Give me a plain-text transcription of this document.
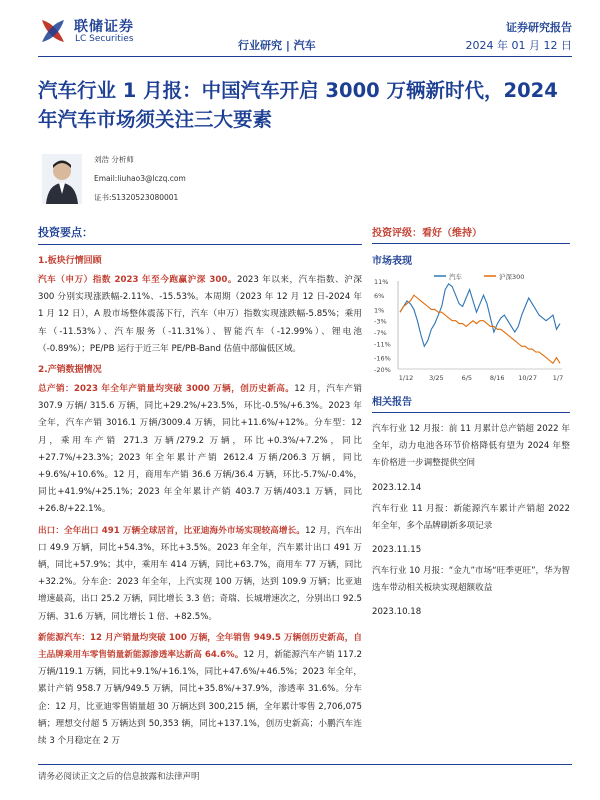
联储证券
LC Securities	行业研究 | 汽车
证券研究报告
2024 年 01 月 12 日
汽车行业 1 月报：中国汽车开启 3000 万辆新时代，2024 年汽车市场须关注三大要素
刘浩 分析师
Email:liuhao3@lczq.com
证书:S1320523080001
投资要点：
1.板块行情回顾

汽车（申万）指数 2023 年至今跑赢沪深 300。2023 年以来，汽车指数、沪深 300 分别实现涨跌幅-2.11%、-15.53%。本周期（2023 年 12 月 12 日-2024 年 1 月 12 日），A 股市场整体震荡下行，汽车（申万）指数实现涨跌幅-5.85%；乘用车（-11.53%）、汽车服务（-11.31%）、智能汽车（-12.99%）、锂电池（-0.89%）；PE/PB 运行于近三年 PE/PB-Band 估值中部偏低区域。

2.产销数据情况

总产销：2023 年全年产销量均突破 3000 万辆，创历史新高。12 月，汽车产销 307.9 万辆/ 315.6 万辆，同比+29.2%/+23.5%，环比-0.5%/+6.3%。2023 年全年，汽车产销 3016.1 万辆/3009.4 万辆，同比+11.6%/+12%。分车型：12 月，乘用车产销 271.3 万辆/279.2 万辆，环比+0.3%/+7.2%，同比+27.7%/+23.3%；2023 年全年累计产销 2612.4 万辆/206.3 万辆，同比+9.6%/+10.6%。12 月，商用车产销 36.6 万辆/36.4 万辆，环比-5.7%/-0.4%，同比+41.9%/+25.1%；2023 年全年累计产销 403.7 万辆/403.1 万辆，同比+26.8/+22.1%。

出口：全年出口 491 万辆全球居首，比亚迪海外市场实现较高增长。12 月，汽车出口 49.9 万辆，同比+54.3%，环比+3.5%。2023 年全年，汽车累计出口 491 万辆，同比+57.9%；其中，乘用车 414 万辆，同比+63.7%，商用车 77 万辆，同比+32.2%。分车企：2023 年全年，上汽实现 100 万辆，达到 109.9 万辆；比亚迪增速最高，出口 25.2 万辆，同比增长 3.3 倍；奇瑞、长城增速次之，分别出口 92.5 万辆、31.6 万辆，同比增长 1 倍、+82.5%。

新能源汽车：12 月产销量均突破 100 万辆，全年销售 949.5 万辆创历史新高，自主品牌乘用车零售销量新能源渗透率达新高 64.6%。12 月，新能源汽车产销 117.2 万辆/119.1 万辆，同比+9.1%/+16.1%，同比+47.6%/+46.5%；2023 年全年，累计产销 958.7 万辆/949.5 万辆，同比+35.8%/+37.9%，渗透率 31.6%。分车企：12 月，比亚迪零售销量超 30 万辆达到 300,215 辆，全年累计零售 2,706,075 辆；理想交付超 5 万辆达到 50,353 辆，同比+137.1%，创历史新高；小鹏汽车连续 3 个月稳定在 2 万

投资评级：看好（维持）
市场表现
11%
6%
1%
-3%
-7%
-11%
-16%
-20%
1/12 3/25	6/5	8/16 10/27 1/7
汽车	沪深300
相关报告
汽车行业 12 月报：前 11 月累计总产销超 2022 年全年，动力电池各环节价格降低有望为 2024 年整车价格进一步调整提供空间
2023.12.14
汽车行业 11 月报：新能源汽车累计产销超 2022 年全年，多个品牌刷新多项记录
2023.11.15
汽车行业 10 月报：“金九”市场“旺季更旺”，华为智选车带动相关板块实现超额收益
2023.10.18
请务必阅读正文之后的信息披露和法律声明
